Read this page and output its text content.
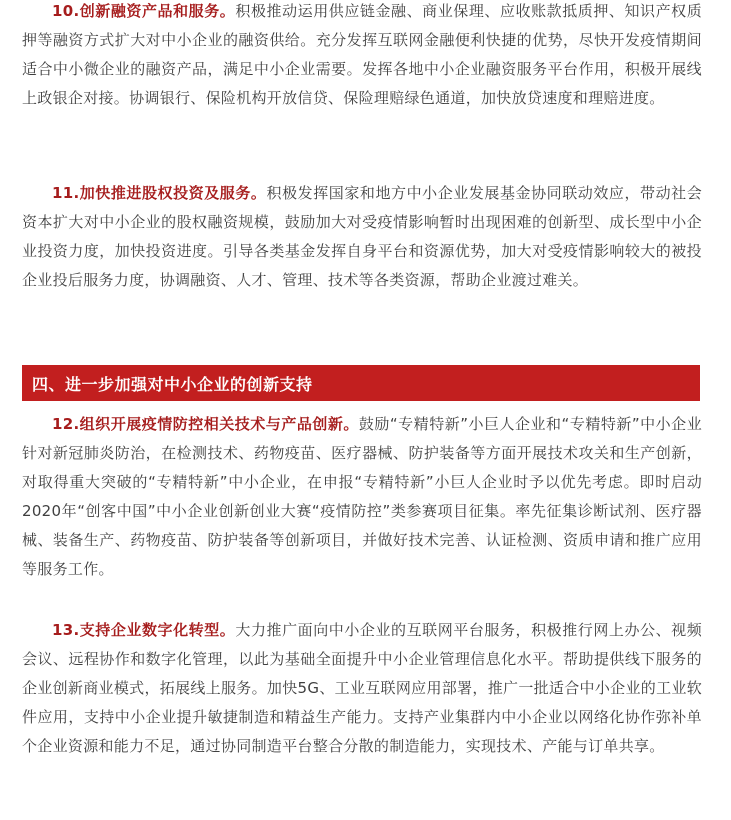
10.创新融资产品和服务。积极推动运用供应链金融、商业保理、应收账款抵质押、知识产权质押等融资方式扩大对中小企业的融资供给。充分发挥互联网金融便利快捷的优势，尽快开发疫情期间适合中小微企业的融资产品，满足中小企业需要。发挥各地中小企业融资服务平台作用，积极开展线上政银企对接。协调银行、保险机构开放信贷、保险理赔绿色通道，加快放贷速度和理赔进度。

11.加快推进股权投资及服务。积极发挥国家和地方中小企业发展基金协同联动效应，带动社会资本扩大对中小企业的股权融资规模，鼓励加大对受疫情影响暂时出现困难的创新型、成长型中小企业投资力度，加快投资进度。引导各类基金发挥自身平台和资源优势，加大对受疫情影响较大的被投企业投后服务力度，协调融资、人才、管理、技术等各类资源，帮助企业渡过难关。

四、进一步加强对中小企业的创新支持

12.组织开展疫情防控相关技术与产品创新。鼓励“专精特新”小巨人企业和“专精特新”中小企业针对新冠肺炎防治，在检测技术、药物疫苗、医疗器械、防护装备等方面开展技术攻关和生产创新，对取得重大突破的“专精特新”中小企业，在申报“专精特新”小巨人企业时予以优先考虑。即时启动2020年“创客中国”中小企业创新创业大赛“疫情防控”类参赛项目征集。率先征集诊断试剂、医疗器械、装备生产、药物疫苗、防护装备等创新项目，并做好技术完善、认证检测、资质申请和推广应用等服务工作。

13.支持企业数字化转型。大力推广面向中小企业的互联网平台服务，积极推行网上办公、视频会议、远程协作和数字化管理，以此为基础全面提升中小企业管理信息化水平。帮助提供线下服务的企业创新商业模式，拓展线上服务。加快5G、工业互联网应用部署，推广一批适合中小企业的工业软件应用，支持中小企业提升敏捷制造和精益生产能力。支持产业集群内中小企业以网络化协作弥补单个企业资源和能力不足，通过协同制造平台整合分散的制造能力，实现技术、产能与订单共享。
